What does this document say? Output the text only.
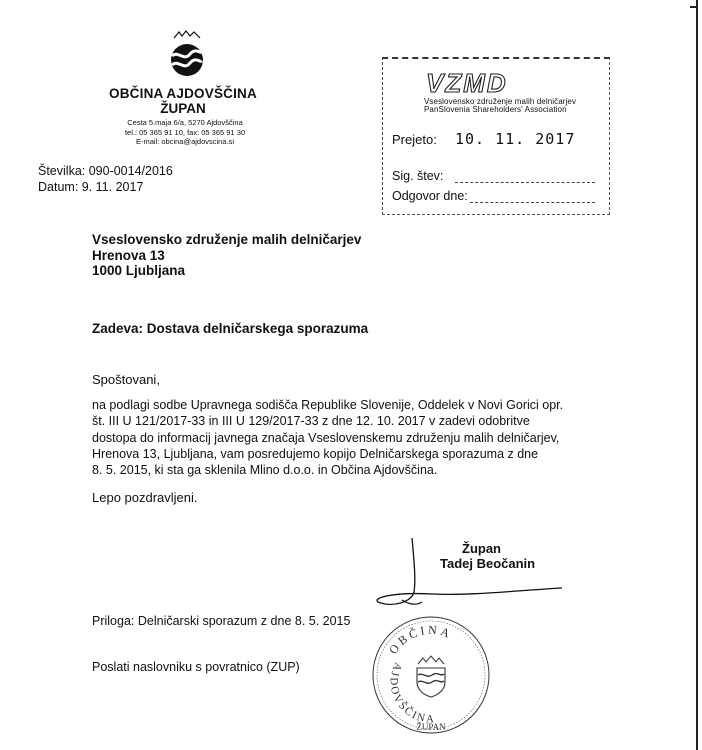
OBČINA AJDOVŠČINA
ŽUPAN
Cesta 5.maja 6/a, 5270 Ajdovščina
tel.: 05 365 91 10, fax: 05 365 91 30
E-mail: obcina@ajdovscina.si
Številka: 090-0014/2016
Datum: 9. 11. 2017
VZMD
Vseslovensko združenje malih delničarjev
PanSlovenia Shareholders' Association
Prejeto: 10. 11. 2017
Sig. štev:
Odgovor dne:
Vseslovensko združenje malih delničarjev
Hrenova 13
1000 Ljubljana
Zadeva: Dostava delničarskega sporazuma
Spoštovani,
na podlagi sodbe Upravnega sodišča Republike Slovenije, Oddelek v Novi Gorici opr.
št. III U 121/2017-33 in III U 129/2017-33 z dne 12. 10. 2017 v zadevi odobritve
dostopa do informacij javnega značaja Vseslovenskemu združenju malih delničarjev,
Hrenova 13, Ljubljana, vam posredujemo kopijo Delničarskega sporazuma z dne
8. 5. 2015, ki sta ga sklenila Mlino d.o.o. in Občina Ajdovščina.
Lepo pozdravljeni.
Župan
Tadej Beočanin
Priloga: Delničarski sporazum z dne 8. 5. 2015
Poslati naslovniku s povratnico (ZUP)
OBČINA
AJDOVŠČINA
ŽUPAN
